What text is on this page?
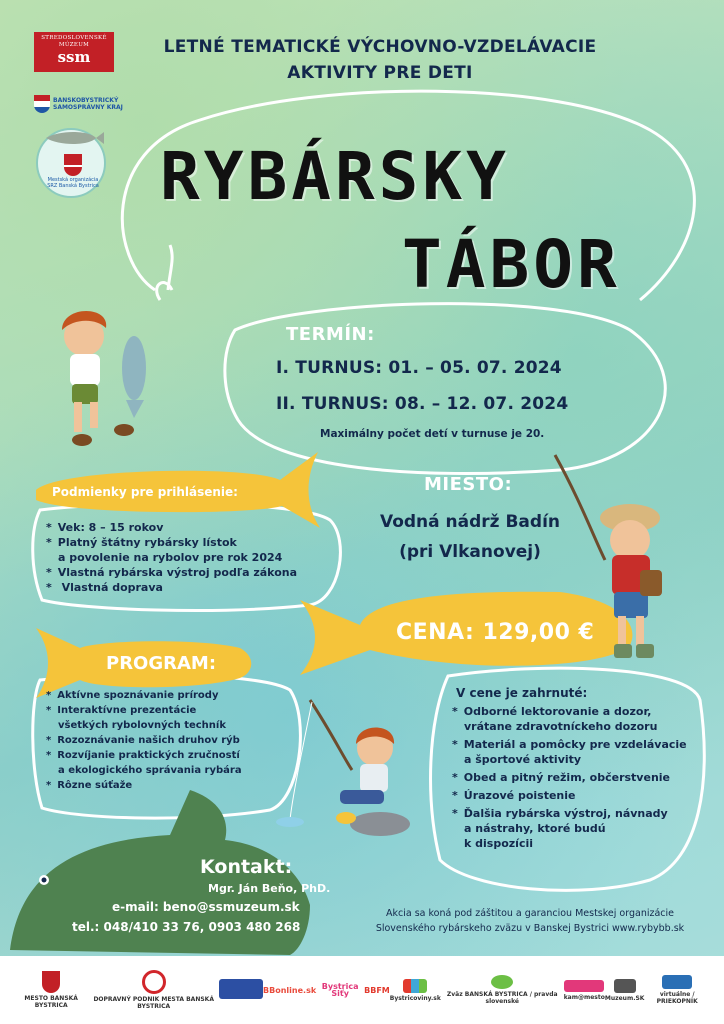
STREDOSLOVENSKÉ MÚZEUM
ssm
BANSKOBYSTRICKÝ
SAMOSPRÁVNY KRAJ
Mestská organizácia SRZ Banská Bystrica
LETNÉ TEMATICKÉ VÝCHOVNO-VZDELÁVACIE
AKTIVITY PRE DETI
RYBÁRSKY
TÁBOR
TERMÍN:
I. TURNUS: 01. – 05. 07. 2024
II. TURNUS: 08. – 12. 07. 2024
Maximálny počet detí v turnuse je 20.
Podmienky pre prihlásenie:
* Vek: 8 – 15 rokov
* Platný štátny rybársky lístok
a povolenie na rybolov pre rok 2024
* Vlastná rybárska výstroj podľa zákona
* Vlastná doprava
MIESTO:
Vodná nádrž Badín
(pri Vlkanovej)
CENA: 129,00 €
PROGRAM:
* Aktívne spoznávanie prírody
* Interaktívne prezentácie
všetkých rybolovných techník
* Rozoznávanie našich druhov rýb
* Rozvíjanie praktických zručností
a ekologického správania rybára
* Rôzne súťaže
V cene je zahrnuté:
* Odborné lektorovanie a dozor,
vrátane zdravotníckeho dozoru
* Materiál a pomôcky pre vzdelávacie
a športové aktivity
* Obed a pitný režim, občerstvenie
* Úrazové poistenie
* Ďalšia rybárska výstroj, návnady
a nástrahy, ktoré budú
k dispozícii
Kontakt:
Mgr. Ján Beňo, PhD.
e-mail: beno@ssmuzeum.sk
tel.: 048/410 33 76, 0903 480 268
Akcia sa koná pod záštitou a garanciou Mestskej organizácie
Slovenského rybárskeho zväzu v Banskej Bystrici www.rybybb.sk
MESTO BANSKÁ BYSTRICA
DOPRAVNÝ PODNIK MESTA BANSKÁ BYSTRICA
BBonline.sk Bystrica Siťy	BBFM
Bystricoviny.sk	Zväz BANSKÁ BYSTRICA / pravda slovenské
kam@mesto Muzeum.SK	virtuálne / PRIEKOPNÍK
